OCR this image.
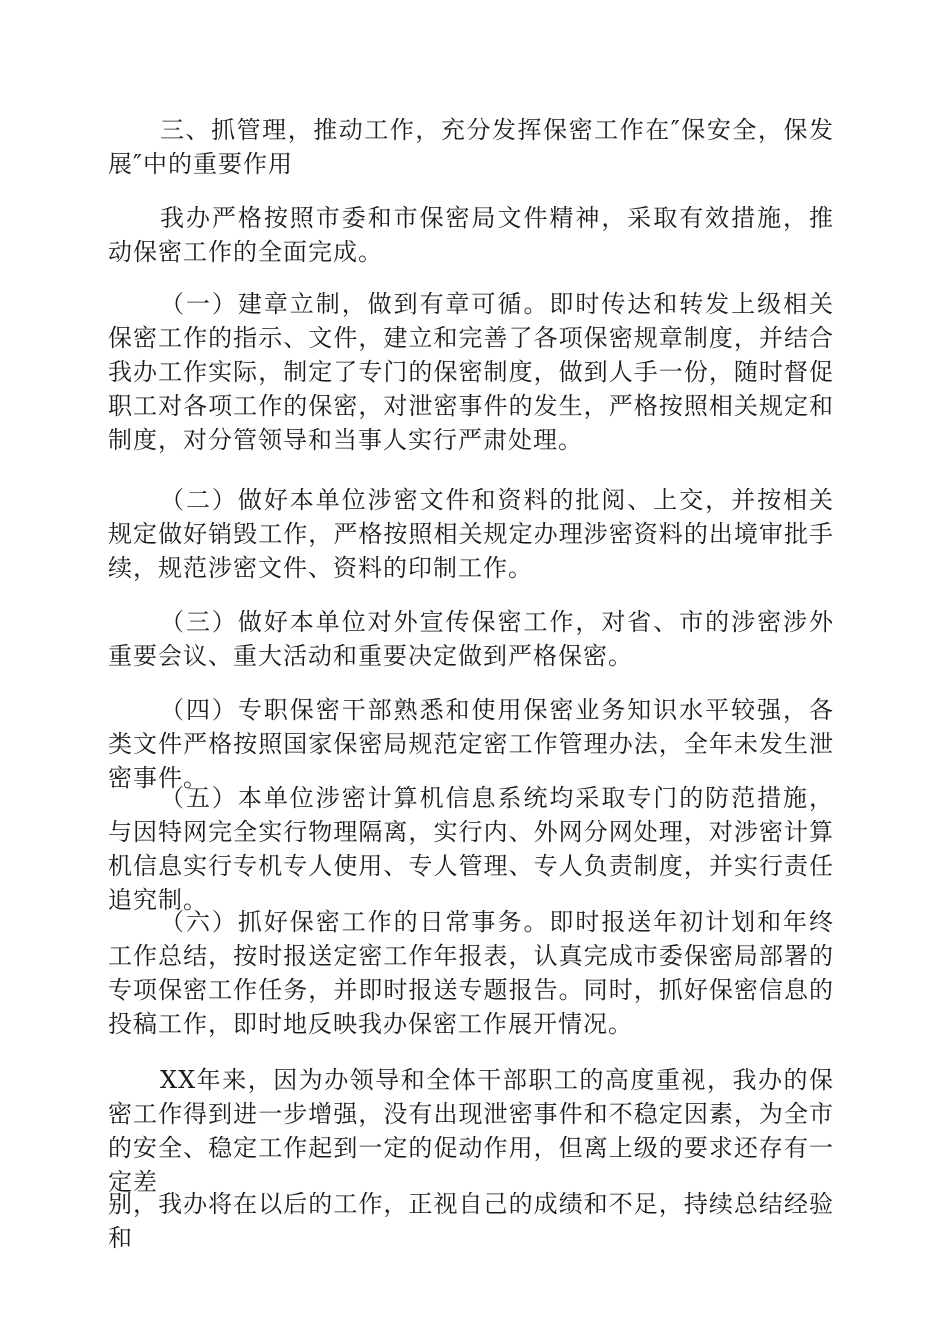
三、抓管理，推动工作，充分发挥保密工作在″保安全，保发展″中的重要作用

我办严格按照市委和市保密局文件精神，采取有效措施，推动保密工作的全面完成。

（一）建章立制，做到有章可循。即时传达和转发上级相关保密工作的指示、文件，建立和完善了各项保密规章制度，并结合我办工作实际，制定了专门的保密制度，做到人手一份，随时督促职工对各项工作的保密，对泄密事件的发生，严格按照相关规定和制度，对分管领导和当事人实行严肃处理。

（二）做好本单位涉密文件和资料的批阅、上交，并按相关规定做好销毁工作，严格按照相关规定办理涉密资料的出境审批手续，规范涉密文件、资料的印制工作。

（三）做好本单位对外宣传保密工作，对省、市的涉密涉外重要会议、重大活动和重要决定做到严格保密。

（四）专职保密干部熟悉和使用保密业务知识水平较强，各类文件严格按照国家保密局规范定密工作管理办法，全年未发生泄密事件。

（五）本单位涉密计算机信息系统均采取专门的防范措施，与因特网完全实行物理隔离，实行内、外网分网处理，对涉密计算机信息实行专机专人使用、专人管理、专人负责制度，并实行责任追究制。

（六）抓好保密工作的日常事务。即时报送年初计划和年终工作总结，按时报送定密工作年报表，认真完成市委保密局部署的专项保密工作任务，并即时报送专题报告。同时，抓好保密信息的投稿工作，即时地反映我办保密工作展开情况。

XX年来，因为办领导和全体干部职工的高度重视，我办的保密工作得到进一步增强，没有出现泄密事件和不稳定因素，为全市的安全、稳定工作起到一定的促动作用，但离上级的要求还存有一定差

别，我办将在以后的工作，正视自己的成绩和不足，持续总结经验和
